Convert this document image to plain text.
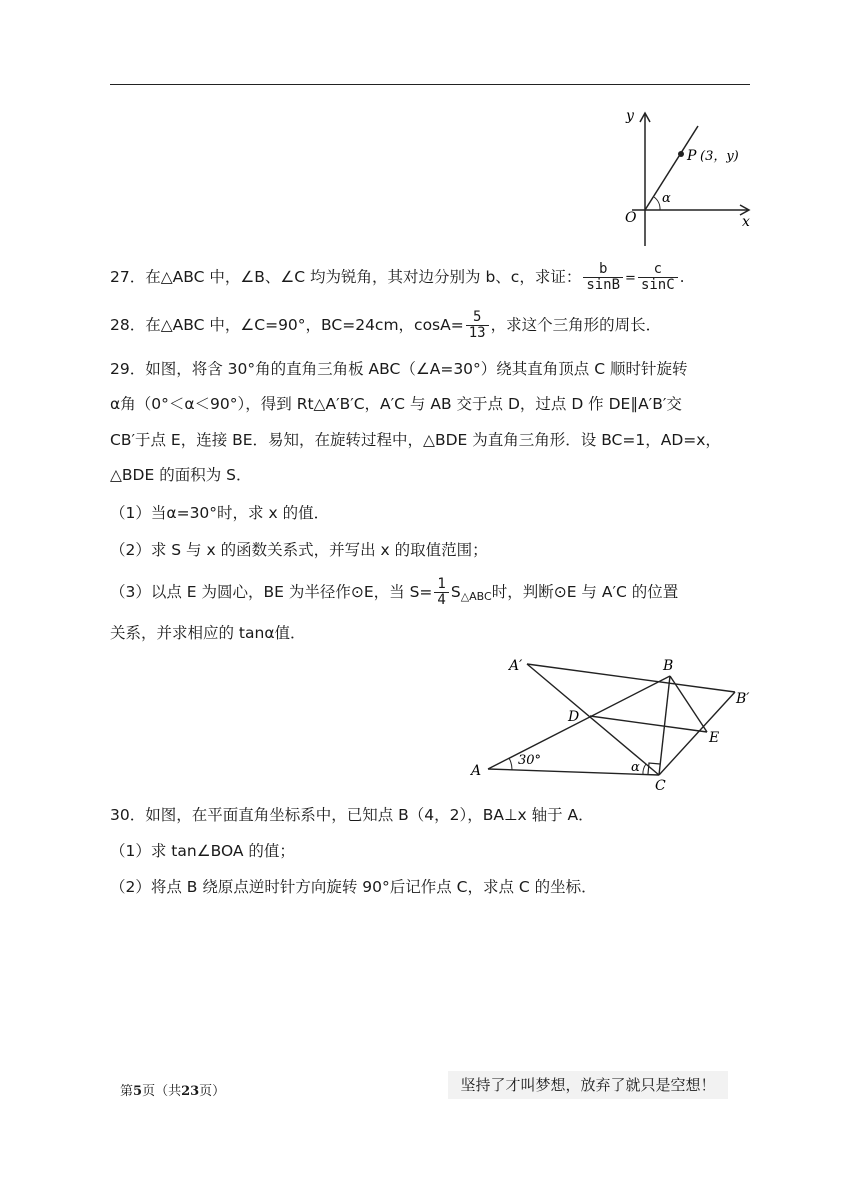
y
x
O
P (3，y)
α
27．在△ABC 中，∠B、∠C 均为锐角，其对边分别为 b、c，求证： $\frac{b}{\sin B} = \frac{c}{\sin C}$ .
28．在△ABC 中，∠C=90°，BC=24cm，$\cos A= \frac{5}{13}$ ，求这个三角形的周长．
29．如图，将含 30°角的直角三角板 ABC（∠A=30°）绕其直角顶点 C 顺时针旋转
α角（0°＜α＜90°），得到 Rt△A′B′C，A′C 与 AB 交于点 D，过点 D 作 DE∥A′B′交
CB′于点 E，连接 BE．易知，在旋转过程中，△BDE 为直角三角形．设 BC=1，AD=x，
△BDE 的面积为 S．
（1）当α=30°时，求 x 的值．
（2）求 S 与 x 的函数关系式，并写出 x 的取值范围；
（3）以点 E 为圆心，BE 为半径作⊙E，当 $S= \frac{1}{4} S_{\triangle ABC}$时，判断⊙E 与 A′C 的位置
关系，并求相应的 tanα值．
A′	B
B′
D
E
A
C
30°	α
30．如图，在平面直角坐标系中，已知点 B（4，2），BA⊥x 轴于 A．
（1）求 tan∠BOA 的值；
（2）将点 B 绕原点逆时针方向旋转 90°后记作点 C，求点 C 的坐标．
第5页（共23页）	坚持了才叫梦想，放弃了就只是空想！
